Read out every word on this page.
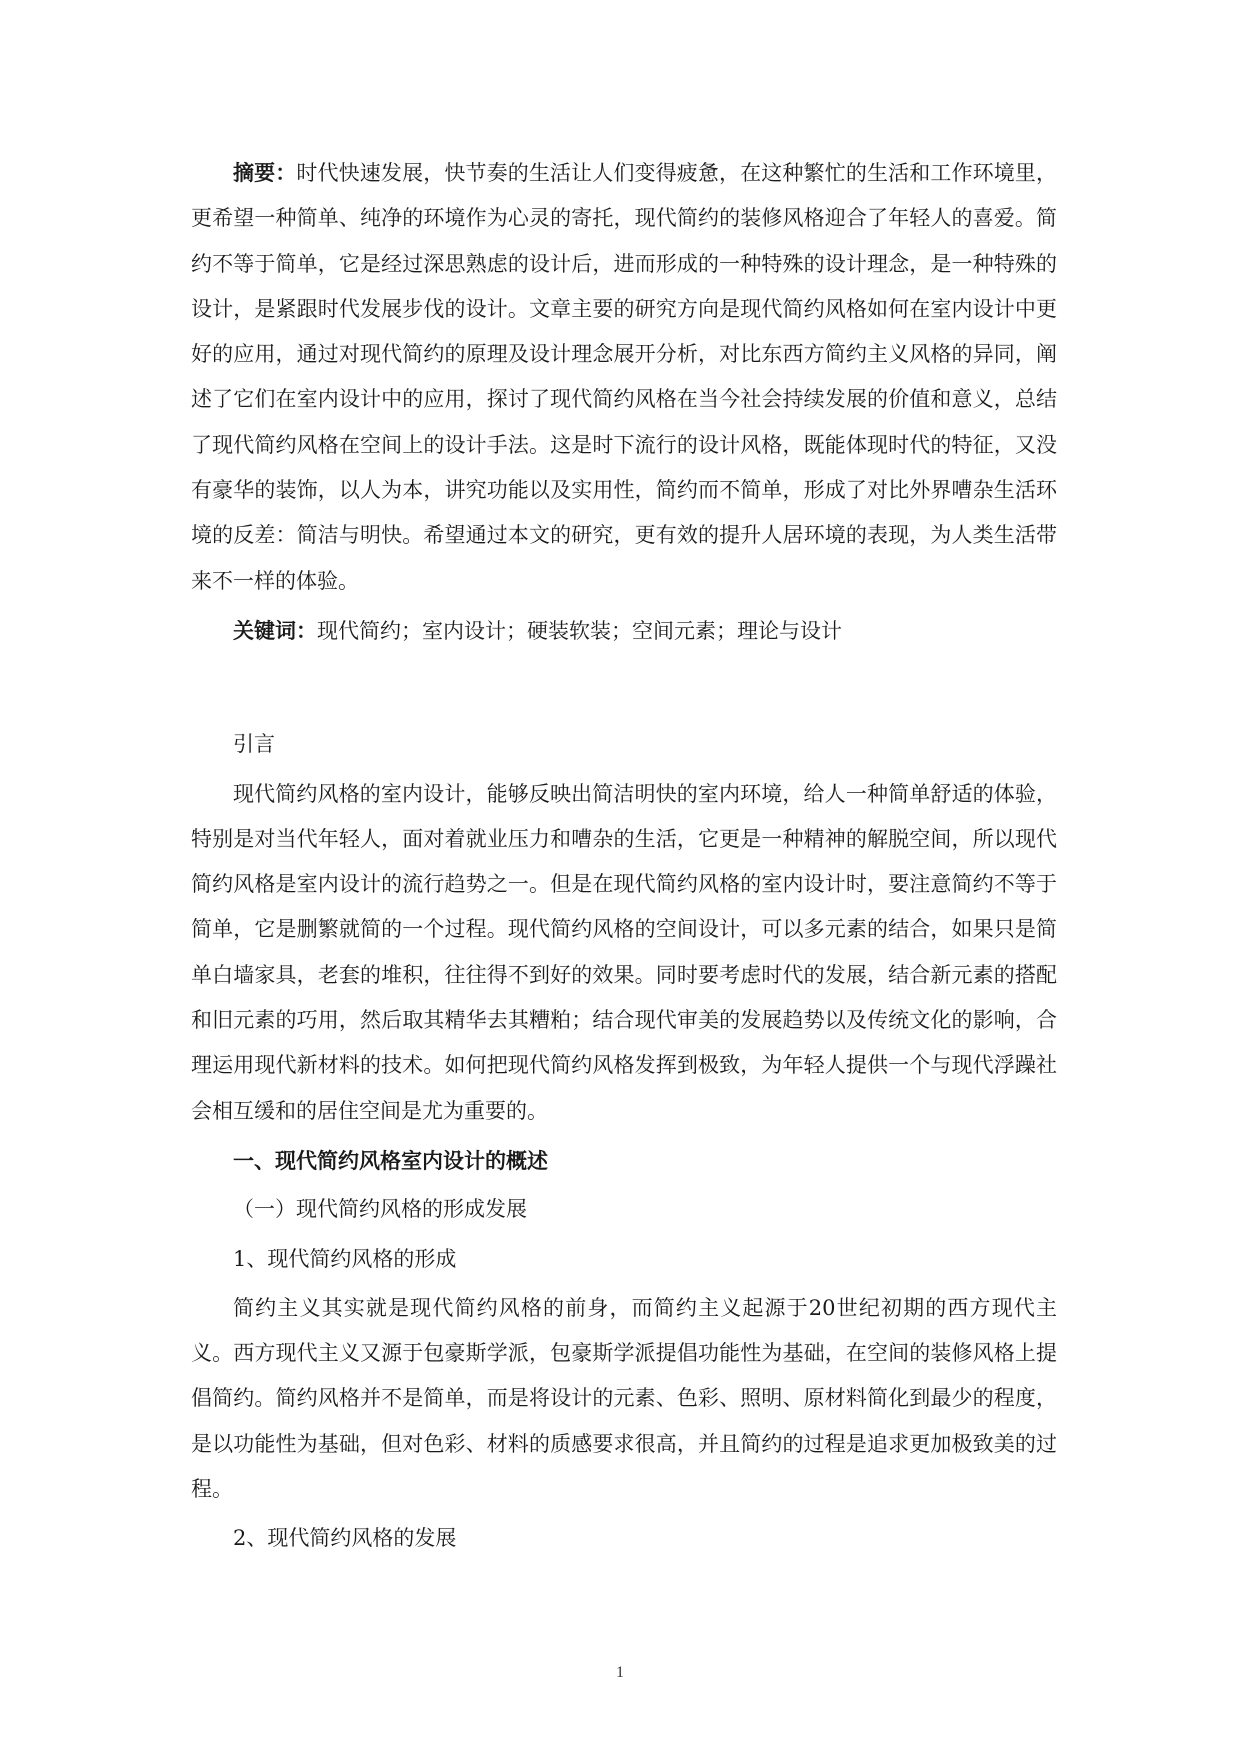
摘要：时代快速发展，快节奏的生活让人们变得疲惫，在这种繁忙的生活和工作环境里，更希望一种简单、纯净的环境作为心灵的寄托，现代简约的装修风格迎合了年轻人的喜爱。简约不等于简单，它是经过深思熟虑的设计后，进而形成的一种特殊的设计理念，是一种特殊的设计，是紧跟时代发展步伐的设计。文章主要的研究方向是现代简约风格如何在室内设计中更好的应用，通过对现代简约的原理及设计理念展开分析，对比东西方简约主义风格的异同，阐述了它们在室内设计中的应用，探讨了现代简约风格在当今社会持续发展的价值和意义，总结了现代简约风格在空间上的设计手法。这是时下流行的设计风格，既能体现时代的特征，又没有豪华的装饰，以人为本，讲究功能以及实用性，简约而不简单，形成了对比外界嘈杂生活环境的反差：简洁与明快。希望通过本文的研究，更有效的提升人居环境的表现，为人类生活带来不一样的体验。

关键词：现代简约；室内设计；硬装软装；空间元素；理论与设计

引言

现代简约风格的室内设计，能够反映出简洁明快的室内环境，给人一种简单舒适的体验，特别是对当代年轻人，面对着就业压力和嘈杂的生活，它更是一种精神的解脱空间，所以现代简约风格是室内设计的流行趋势之一。但是在现代简约风格的室内设计时，要注意简约不等于简单，它是删繁就简的一个过程。现代简约风格的空间设计，可以多元素的结合，如果只是简单白墙家具，老套的堆积，往往得不到好的效果。同时要考虑时代的发展，结合新元素的搭配和旧元素的巧用，然后取其精华去其糟粕；结合现代审美的发展趋势以及传统文化的影响，合理运用现代新材料的技术。如何把现代简约风格发挥到极致，为年轻人提供一个与现代浮躁社会相互缓和的居住空间是尤为重要的。

一、现代简约风格室内设计的概述

（一）现代简约风格的形成发展

1、现代简约风格的形成

简约主义其实就是现代简约风格的前身，而简约主义起源于20世纪初期的西方现代主义。西方现代主义又源于包豪斯学派，包豪斯学派提倡功能性为基础，在空间的装修风格上提倡简约。简约风格并不是简单，而是将设计的元素、色彩、照明、原材料简化到最少的程度，是以功能性为基础，但对色彩、材料的质感要求很高，并且简约的过程是追求更加极致美的过程。

2、现代简约风格的发展

1
